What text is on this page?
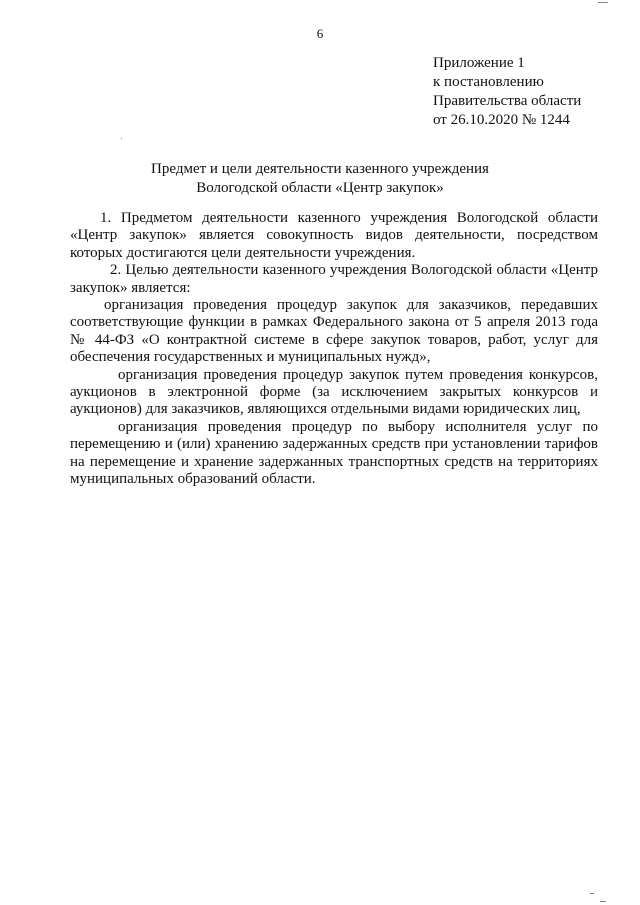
6
Приложение 1
к постановлению
Правительства области
от 26.10.2020 № 1244
Предмет и цели деятельности казенного учреждения
Вологодской области «Центр закупок»

1. Предметом деятельности казенного учреждения Вологодской области
«Центр закупок» является совокупность видов деятельности, посредством
которых достигаются цели деятельности учреждения.

2. Целью деятельности казенного учреждения Вологодской области «Центр
закупок» является:

организация проведения процедур закупок для заказчиков, передавших
соответствующие функции в рамках Федерального закона от 5 апреля 2013 года
№ 44-ФЗ «О контрактной системе в сфере закупок товаров, работ, услуг для
обеспечения государственных и муниципальных нужд»,

организация проведения процедур закупок путем проведения конкурсов,
аукционов в электронной форме (за исключением закрытых конкурсов и
аукционов) для заказчиков, являющихся отдельными видами юридических лиц,

организация проведения процедур по выбору исполнителя услуг по
перемещению и (или) хранению задержанных средств при установлении тарифов
на перемещение и хранение задержанных транспортных средств на территориях
муниципальных образований области.
